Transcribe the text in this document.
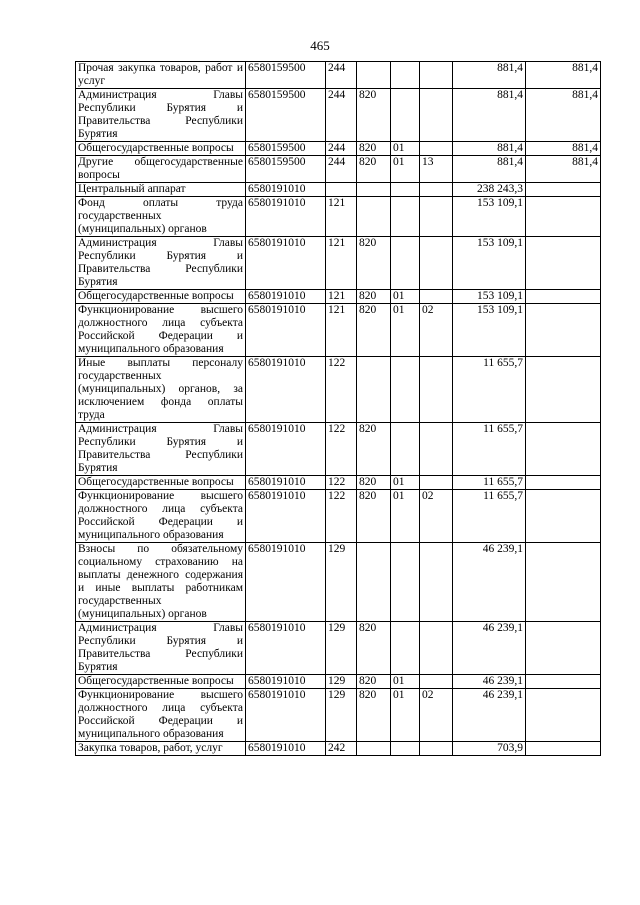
465
Прочая закупка товаров, работ и услуг	6580159500	244				881,4	881,4
Администрация Главы Республики Бурятия и Правительства Республики Бурятия	6580159500	244	820			881,4	881,4
Общегосударственные вопросы	6580159500	244	820	01		881,4	881,4
Другие общегосударственные вопросы	6580159500	244	820	01	13	881,4	881,4
Центральный аппарат	6580191010					238 243,3	
Фонд оплаты труда государственных (муниципальных) органов	6580191010	121				153 109,1	
Администрация Главы Республики Бурятия и Правительства Республики Бурятия	6580191010	121	820			153 109,1	
Общегосударственные вопросы	6580191010	121	820	01		153 109,1	
Функционирование высшего должностного лица субъекта Российской Федерации и муниципального образования	6580191010	121	820	01	02	153 109,1	
Иные выплаты персоналу государственных (муниципальных) органов, за исключением фонда оплаты труда	6580191010	122				11 655,7	
Администрация Главы Республики Бурятия и Правительства Республики Бурятия	6580191010	122	820			11 655,7	
Общегосударственные вопросы	6580191010	122	820	01		11 655,7	
Функционирование высшего должностного лица субъекта Российской Федерации и муниципального образования	6580191010	122	820	01	02	11 655,7	
Взносы по обязательному социальному страхованию на выплаты денежного содержания и иные выплаты работникам государственных (муниципальных) органов	6580191010	129				46 239,1	
Администрация Главы Республики Бурятия и Правительства Республики Бурятия	6580191010	129	820			46 239,1	
Общегосударственные вопросы	6580191010	129	820	01		46 239,1	
Функционирование высшего должностного лица субъекта Российской Федерации и муниципального образования	6580191010	129	820	01	02	46 239,1	
Закупка товаров, работ, услуг	6580191010	242				703,9	
